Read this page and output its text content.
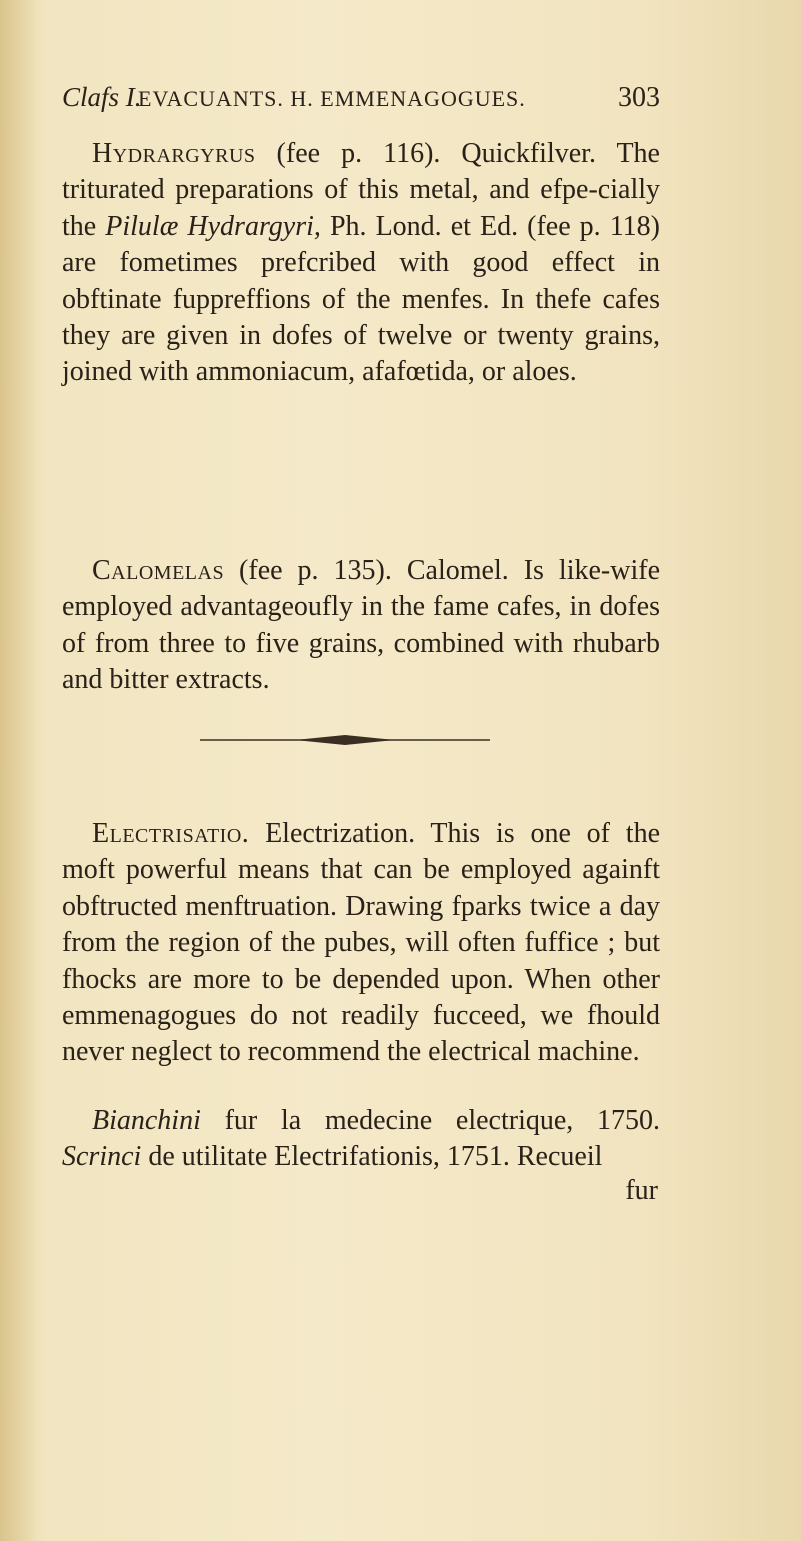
Clafs I.
EVACUANTS. H. EMMENAGOGUES.	303
Hydrargyrus (fee p. 116). Quickfilver. The triturated preparations of this metal, and efpe-cially the Pilulæ Hydrargyri, Ph. Lond. et Ed. (fee p. 118) are fometimes prefcribed with good effect in obftinate fuppreffions of the menfes. In thefe cafes they are given in dofes of twelve or twenty grains, joined with ammoniacum, afafœtida, or aloes.
Calomelas (fee p. 135). Calomel. Is like-wife employed advantageoufly in the fame cafes, in dofes of from three to five grains, combined with rhubarb and bitter extracts.
Electrisatio. Electrization. This is one of the moft powerful means that can be employed againft obftructed menftruation. Drawing fparks twice a day from the region of the pubes, will often fuffice ; but fhocks are more to be depended upon. When other emmenagogues do not readily fucceed, we fhould never neglect to recommend the electrical machine.
Bianchini fur la medecine electrique, 1750. Scrinci de utilitate Electrifationis, 1751. Recueil
fur
